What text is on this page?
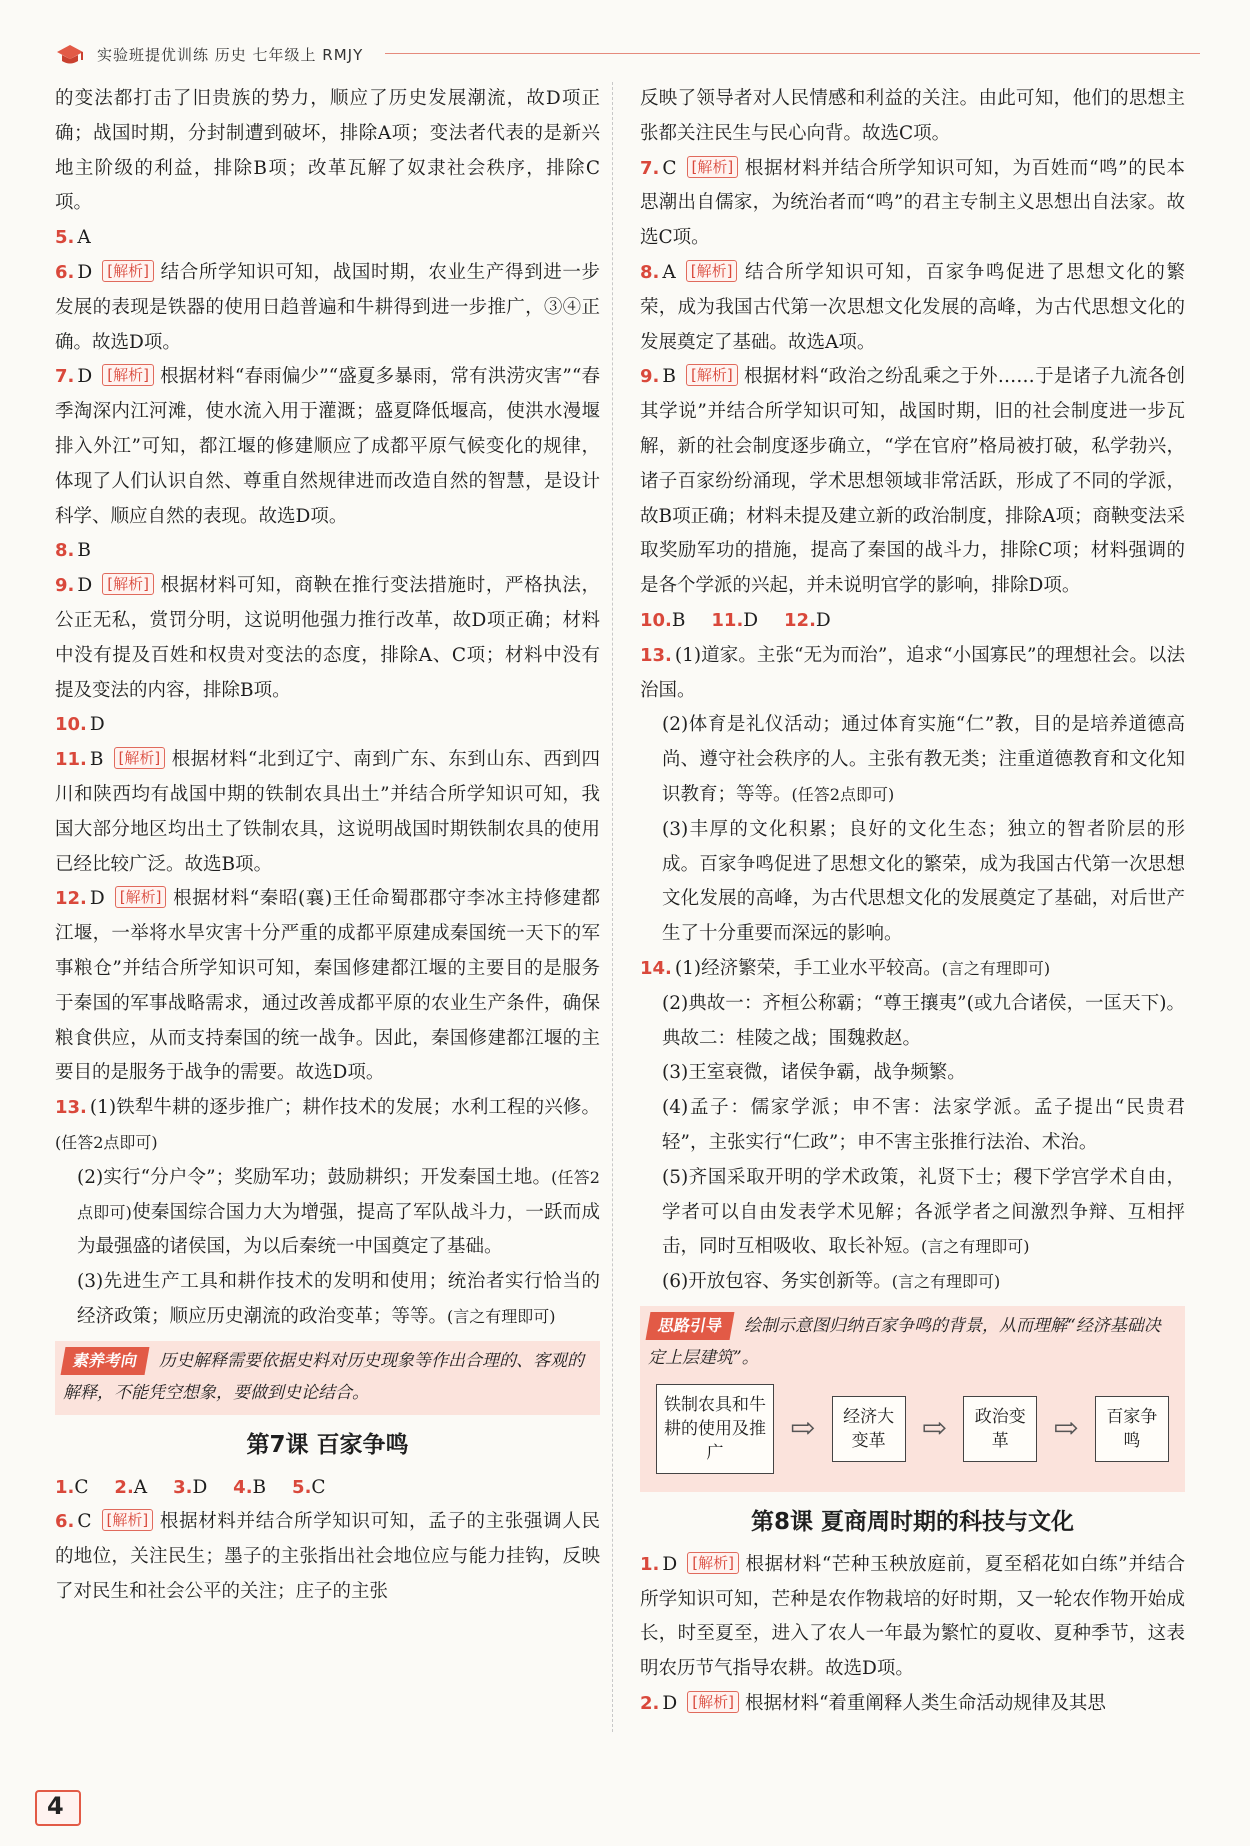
实验班提优训练 历史 七年级上 RMJY

的变法都打击了旧贵族的势力，顺应了历史发展潮流，故D项正确；战国时期，分封制遭到破坏，排除A项；变法者代表的是新兴地主阶级的利益，排除B项；改革瓦解了奴隶社会秩序，排除C项。

5. A

6. D [解析] 结合所学知识可知，战国时期，农业生产得到进一步发展的表现是铁器的使用日趋普遍和牛耕得到进一步推广，③④正确。故选D项。

7. D [解析] 根据材料“春雨偏少”“盛夏多暴雨，常有洪涝灾害”“春季淘深内江河滩，使水流入用于灌溉；盛夏降低堰高，使洪水漫堰排入外江”可知，都江堰的修建顺应了成都平原气候变化的规律，体现了人们认识自然、尊重自然规律进而改造自然的智慧，是设计科学、顺应自然的表现。故选D项。

8. B

9. D [解析] 根据材料可知，商鞅在推行变法措施时，严格执法，公正无私，赏罚分明，这说明他强力推行改革，故D项正确；材料中没有提及百姓和权贵对变法的态度，排除A、C项；材料中没有提及变法的内容，排除B项。

10. D

11. B [解析] 根据材料“北到辽宁、南到广东、东到山东、西到四川和陕西均有战国中期的铁制农具出土”并结合所学知识可知，我国大部分地区均出土了铁制农具，这说明战国时期铁制农具的使用已经比较广泛。故选B项。

12. D [解析] 根据材料“秦昭(襄)王任命蜀郡郡守李冰主持修建都江堰，一举将水旱灾害十分严重的成都平原建成秦国统一天下的军事粮仓”并结合所学知识可知，秦国修建都江堰的主要目的是服务于秦国的军事战略需求，通过改善成都平原的农业生产条件，确保粮食供应，从而支持秦国的统一战争。因此，秦国修建都江堰的主要目的是服务于战争的需要。故选D项。

13. (1)铁犁牛耕的逐步推广；耕作技术的发展；水利工程的兴修。(任答2点即可)

(2)实行“分户令”；奖励军功；鼓励耕织；开发秦国土地。(任答2点即可)使秦国综合国力大为增强，提高了军队战斗力，一跃而成为最强盛的诸侯国，为以后秦统一中国奠定了基础。

(3)先进生产工具和耕作技术的发明和使用；统治者实行恰当的经济政策；顺应历史潮流的政治变革；等等。(言之有理即可)

素养考向 历史解释需要依据史料对历史现象等作出合理的、客观的解释，不能凭空想象，要做到史论结合。
第7课 百家争鸣

1.C 2.A 3.D 4.B 5.C

6. C [解析] 根据材料并结合所学知识可知，孟子的主张强调人民的地位，关注民生；墨子的主张指出社会地位应与能力挂钩，反映了对民生和社会公平的关注；庄子的主张

反映了领导者对人民情感和利益的关注。由此可知，他们的思想主张都关注民生与民心向背。故选C项。

7. C [解析] 根据材料并结合所学知识可知，为百姓而“鸣”的民本思潮出自儒家，为统治者而“鸣”的君主专制主义思想出自法家。故选C项。

8. A [解析] 结合所学知识可知，百家争鸣促进了思想文化的繁荣，成为我国古代第一次思想文化发展的高峰，为古代思想文化的发展奠定了基础。故选A项。

9. B [解析] 根据材料“政治之纷乱乘之于外……于是诸子九流各创其学说”并结合所学知识可知，战国时期，旧的社会制度进一步瓦解，新的社会制度逐步确立，“学在官府”格局被打破，私学勃兴，诸子百家纷纷涌现，学术思想领域非常活跃，形成了不同的学派，故B项正确；材料未提及建立新的政治制度，排除A项；商鞅变法采取奖励军功的措施，提高了秦国的战斗力，排除C项；材料强调的是各个学派的兴起，并未说明官学的影响，排除D项。

10.B 11.D 12.D

13. (1)道家。主张“无为而治”，追求“小国寡民”的理想社会。以法治国。

(2)体育是礼仪活动；通过体育实施“仁”教，目的是培养道德高尚、遵守社会秩序的人。主张有教无类；注重道德教育和文化知识教育；等等。(任答2点即可)

(3)丰厚的文化积累；良好的文化生态；独立的智者阶层的形成。百家争鸣促进了思想文化的繁荣，成为我国古代第一次思想文化发展的高峰，为古代思想文化的发展奠定了基础，对后世产生了十分重要而深远的影响。

14. (1)经济繁荣，手工业水平较高。(言之有理即可)

(2)典故一：齐桓公称霸；“尊王攘夷”(或九合诸侯，一匡天下)。典故二：桂陵之战；围魏救赵。

(3)王室衰微，诸侯争霸，战争频繁。

(4)孟子：儒家学派；申不害：法家学派。孟子提出“民贵君轻”，主张实行“仁政”；申不害主张推行法治、术治。

(5)齐国采取开明的学术政策，礼贤下士；稷下学宫学术自由，学者可以自由发表学术见解；各派学者之间激烈争辩、互相抨击，同时互相吸收、取长补短。(言之有理即可)

(6)开放包容、务实创新等。(言之有理即可)

思路引导 绘制示意图归纳百家争鸣的背景，从而理解“经济基础决定上层建筑”。
铁制农具和牛耕的使用及推广
⇨	经济大变革	⇨	政治变革	⇨	百家争鸣
第8课 夏商周时期的科技与文化

1. D [解析] 根据材料“芒种玉秧放庭前，夏至稻花如白练”并结合所学知识可知，芒种是农作物栽培的好时期，又一轮农作物开始成长，时至夏至，进入了农人一年最为繁忙的夏收、夏种季节，这表明农历节气指导农耕。故选D项。

2. D [解析] 根据材料“着重阐释人类生命活动规律及其思

4
